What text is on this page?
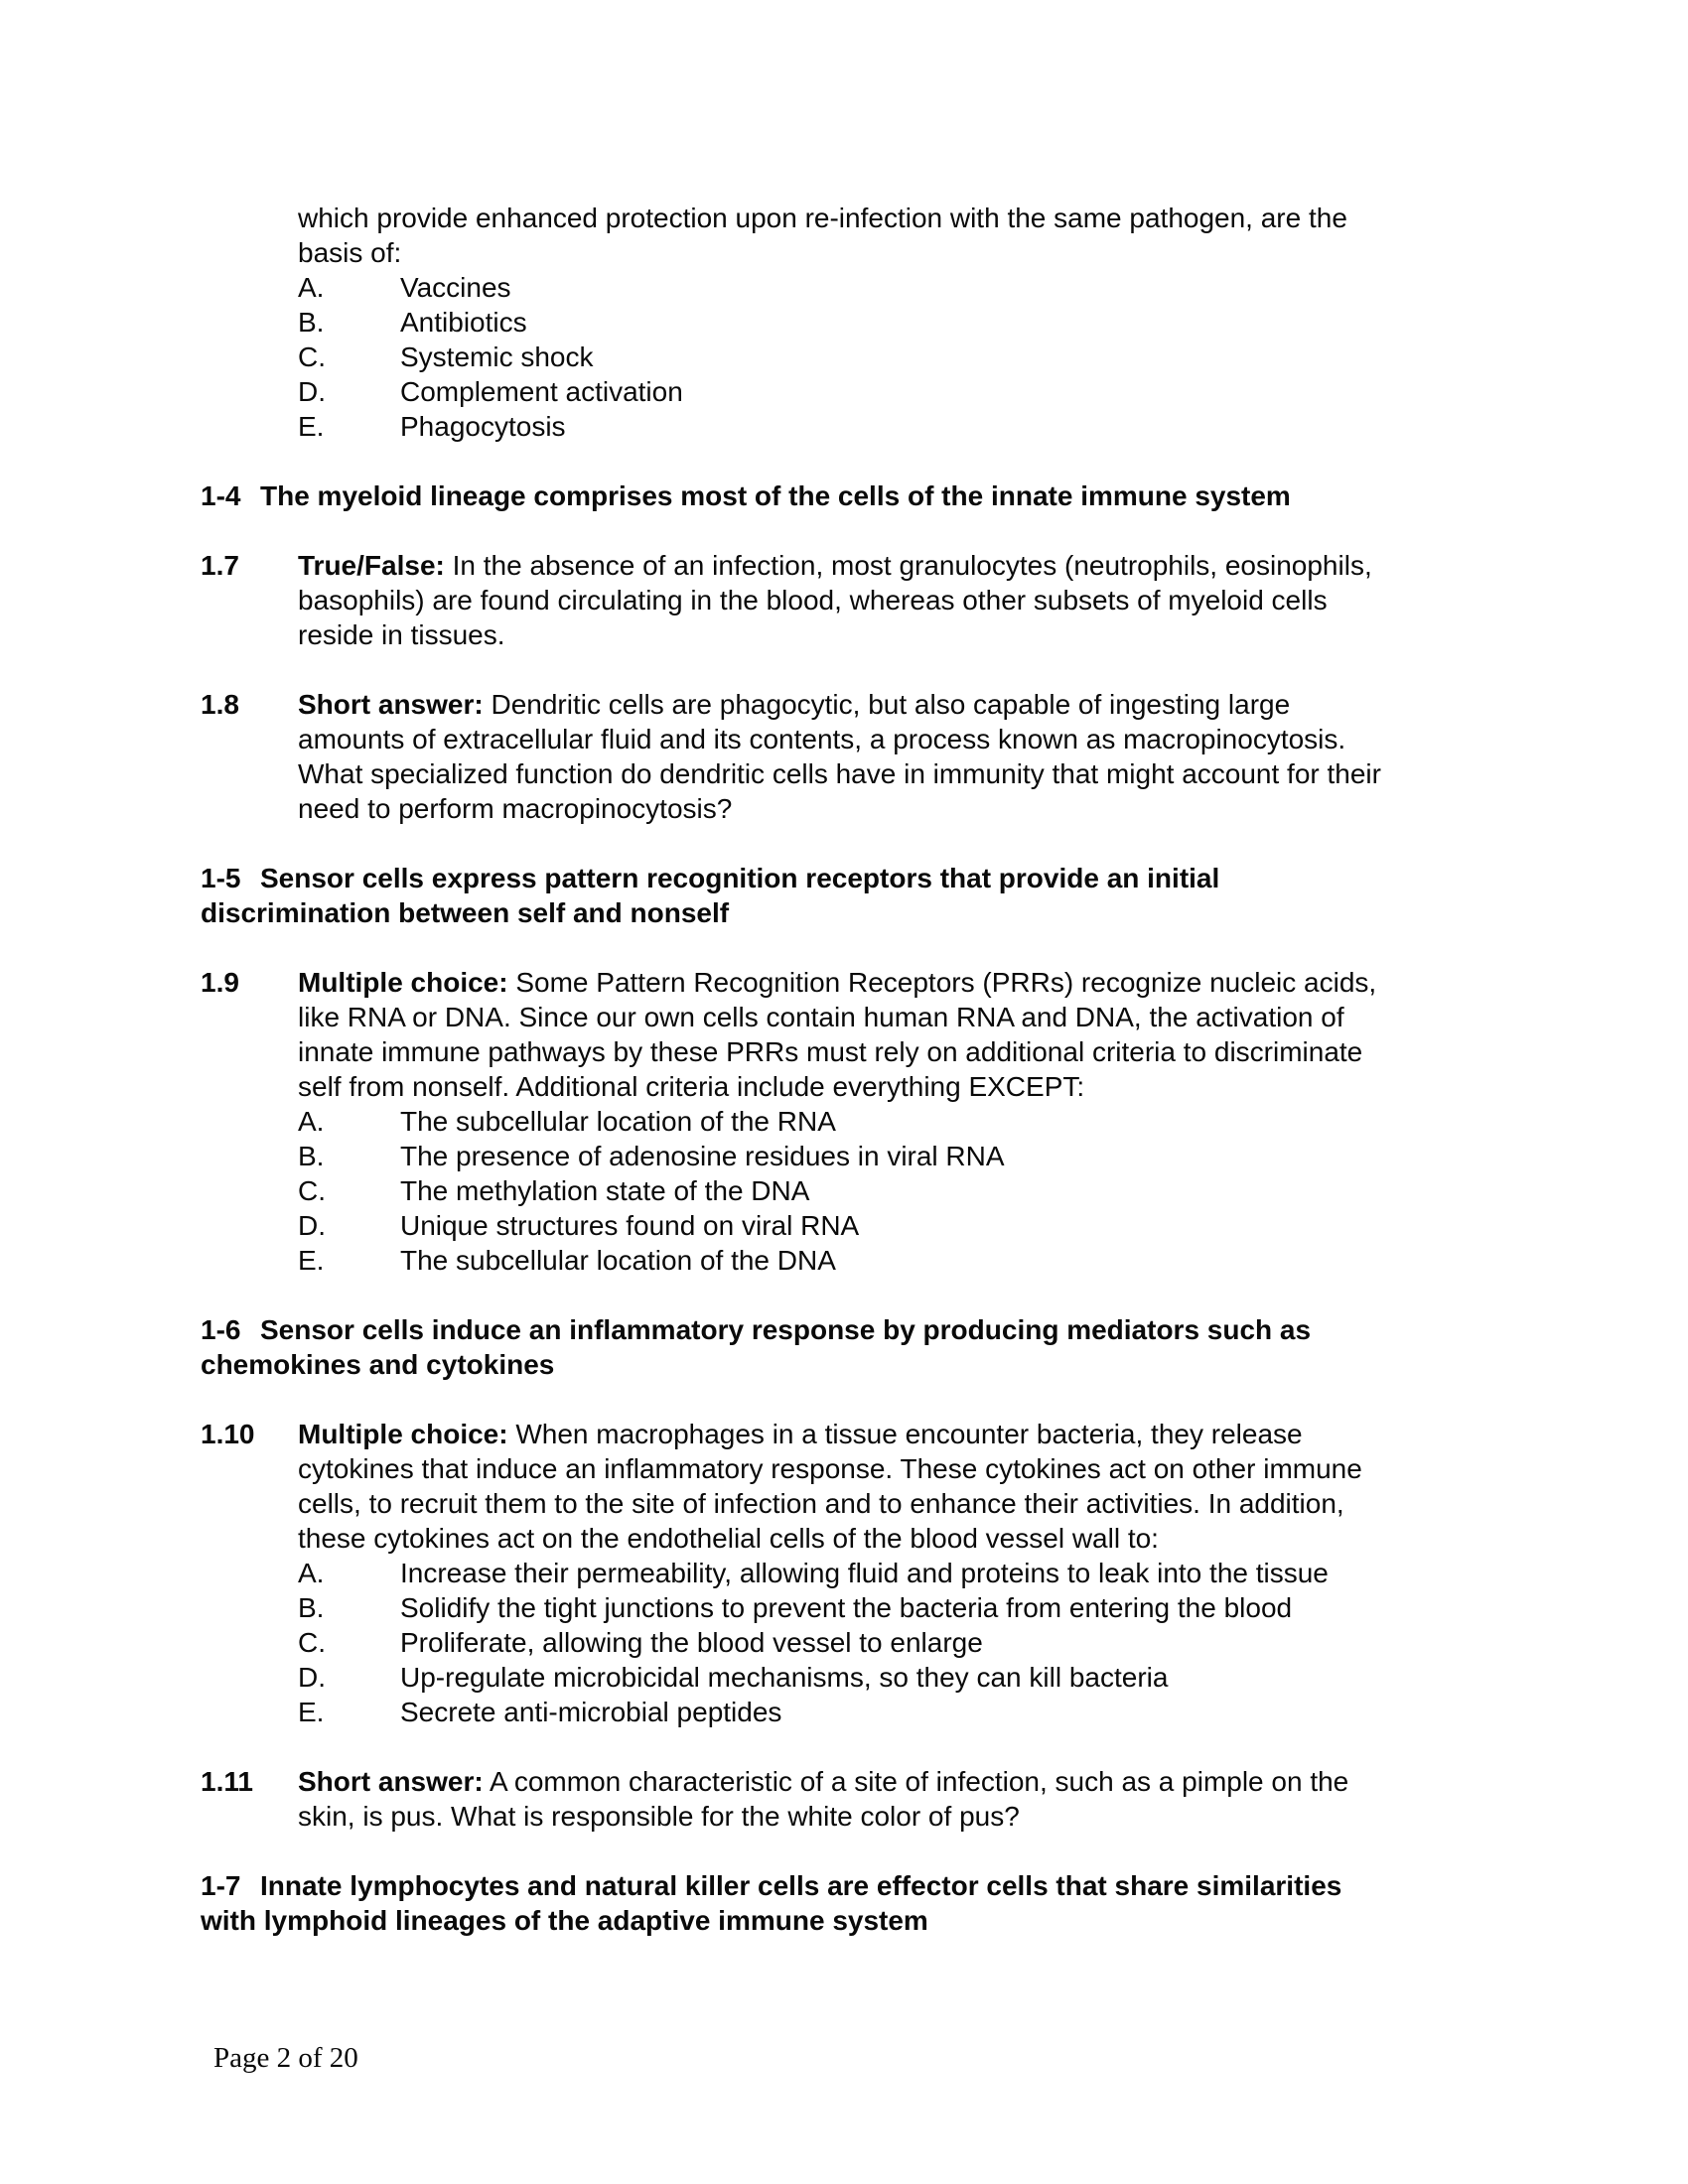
which provide enhanced protection upon re-infection with the same pathogen, are the
basis of:
A.	Vaccines
B.	Antibiotics
C.	Systemic shock
D.	Complement activation
E.	Phagocytosis
1-4 The myeloid lineage comprises most of the cells of the innate immune system
1.7 True/False: In the absence of an infection, most granulocytes (neutrophils, eosinophils,
basophils) are found circulating in the blood, whereas other subsets of myeloid cells
reside in tissues.
1.8 Short answer: Dendritic cells are phagocytic, but also capable of ingesting large
amounts of extracellular fluid and its contents, a process known as macropinocytosis.
What specialized function do dendritic cells have in immunity that might account for their
need to perform macropinocytosis?
1-5 Sensor cells express pattern recognition receptors that provide an initial
discrimination between self and nonself
1.9 Multiple choice: Some Pattern Recognition Receptors (PRRs) recognize nucleic acids,
like RNA or DNA. Since our own cells contain human RNA and DNA, the activation of
innate immune pathways by these PRRs must rely on additional criteria to discriminate
self from nonself. Additional criteria include everything EXCEPT:
A.	The subcellular location of the RNA
B.	The presence of adenosine residues in viral RNA
C.	The methylation state of the DNA
D.	Unique structures found on viral RNA
E.	The subcellular location of the DNA
1-6 Sensor cells induce an inflammatory response by producing mediators such as
chemokines and cytokines
1.10 Multiple choice: When macrophages in a tissue encounter bacteria, they release
cytokines that induce an inflammatory response. These cytokines act on other immune
cells, to recruit them to the site of infection and to enhance their activities. In addition,
these cytokines act on the endothelial cells of the blood vessel wall to:
A.	Increase their permeability, allowing fluid and proteins to leak into the tissue
B.	Solidify the tight junctions to prevent the bacteria from entering the blood
C.	Proliferate, allowing the blood vessel to enlarge
D.	Up-regulate microbicidal mechanisms, so they can kill bacteria
E.	Secrete anti-microbial peptides
1.11 Short answer: A common characteristic of a site of infection, such as a pimple on the
skin, is pus. What is responsible for the white color of pus?
1-7 Innate lymphocytes and natural killer cells are effector cells that share similarities
with lymphoid lineages of the adaptive immune system
Page 2 of 20
